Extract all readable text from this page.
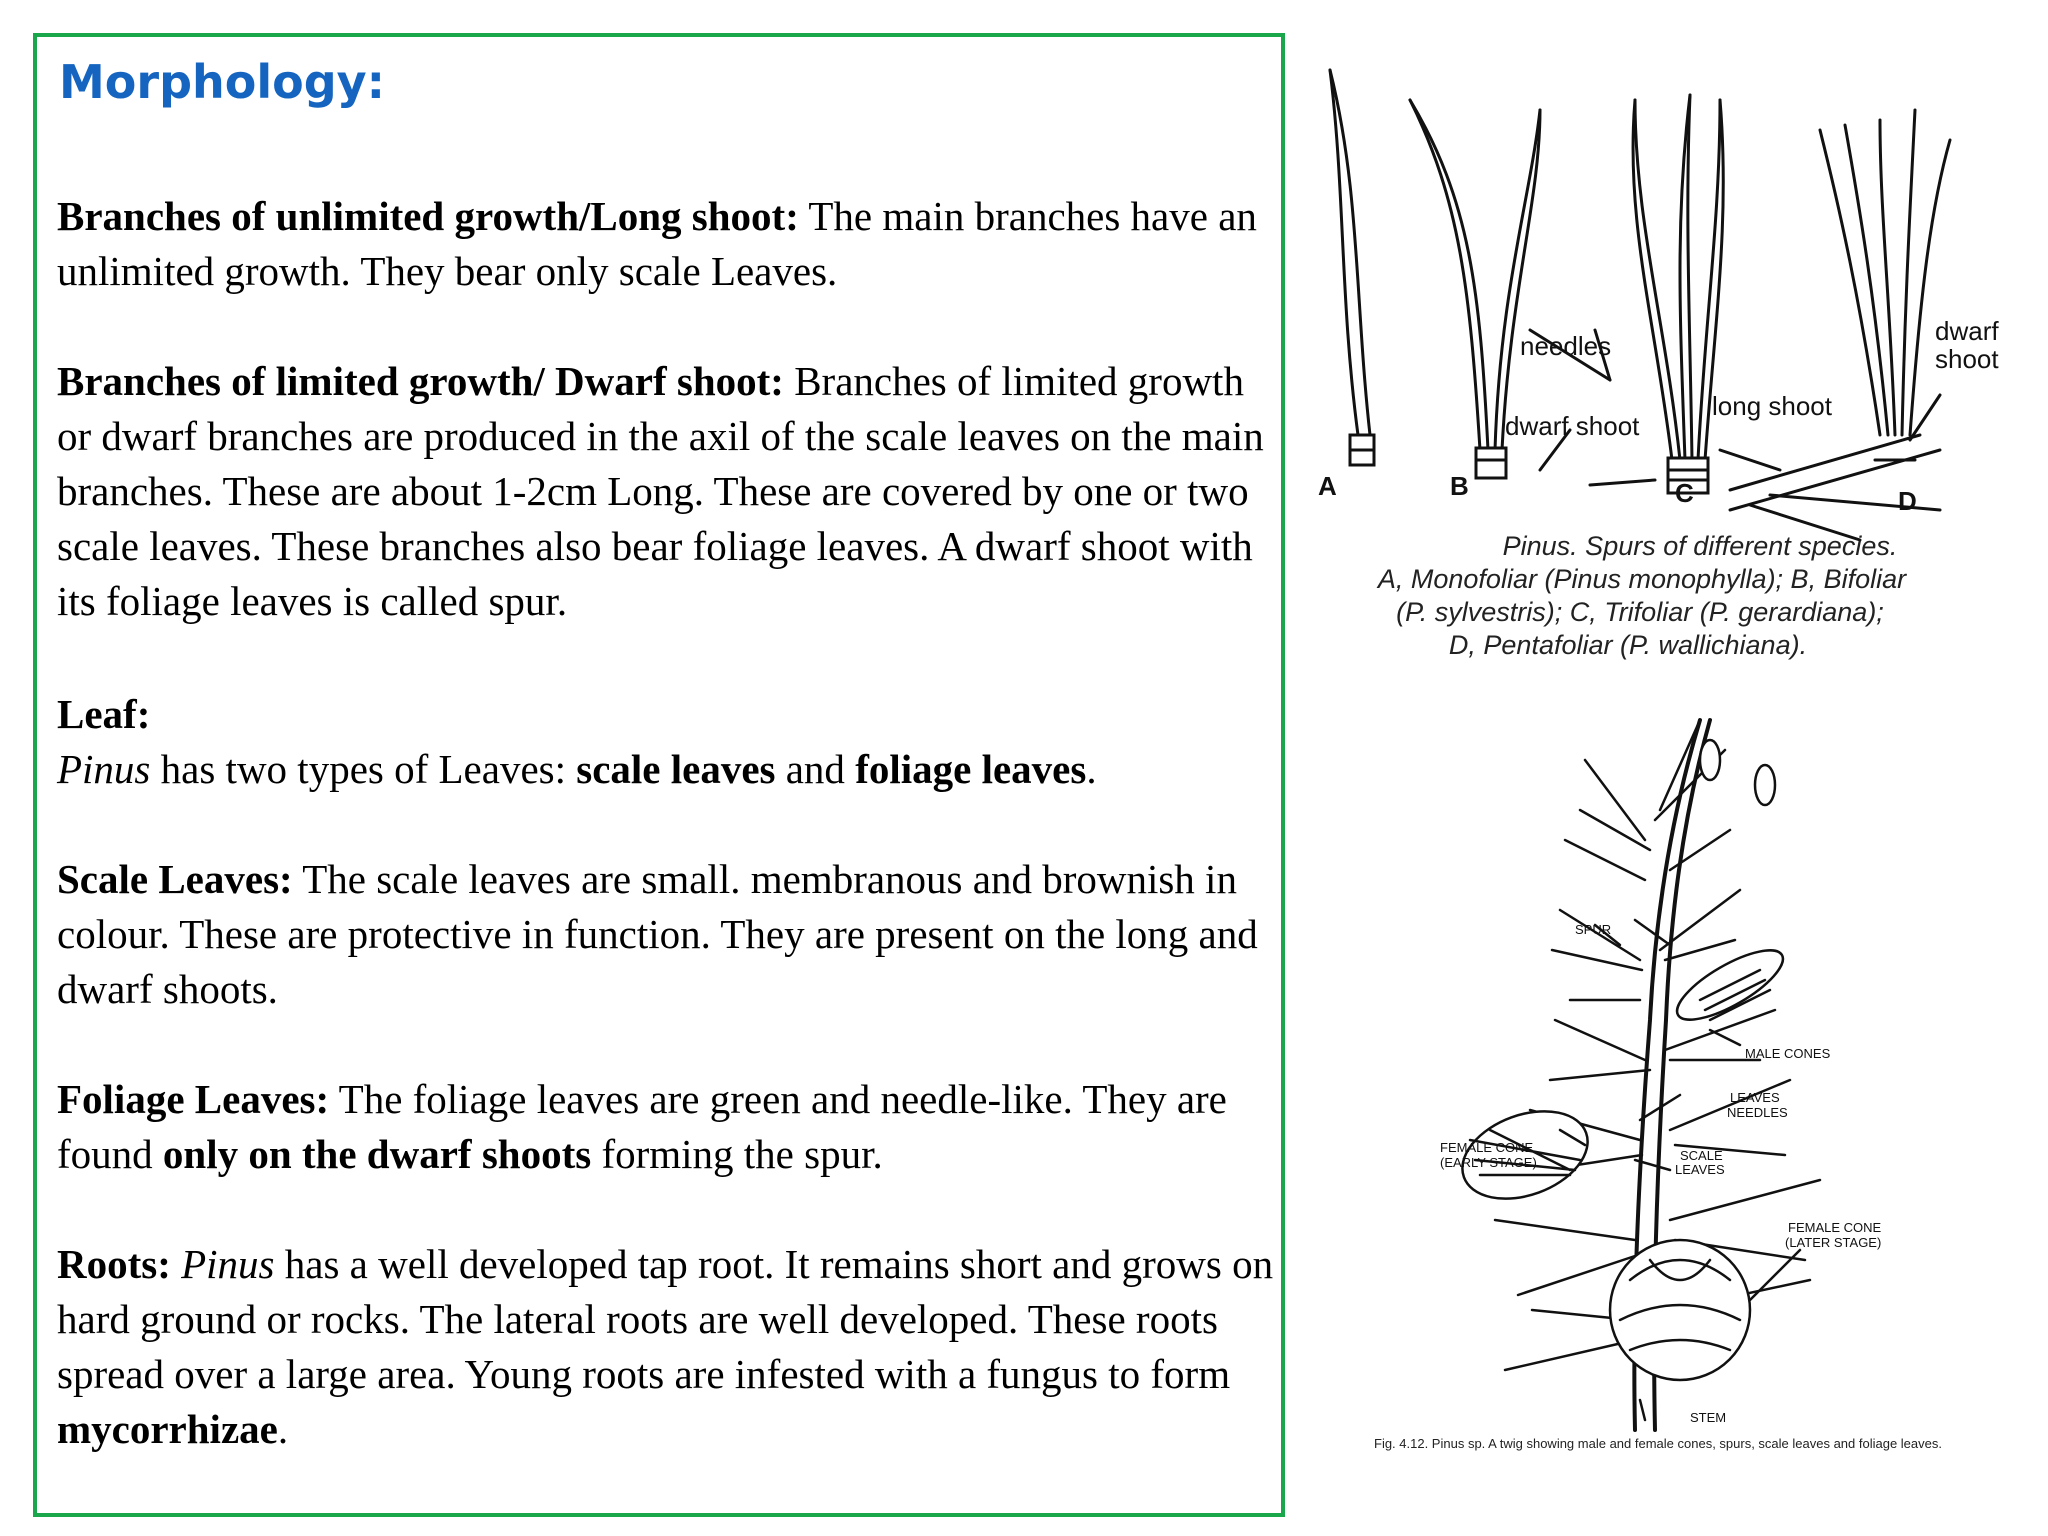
Morphology:

Branches of unlimited growth/Long shoot: The main branches have an unlimited growth. They bear only scale Leaves.

Branches of limited growth/ Dwarf shoot: Branches of limited growth or dwarf branches are produced in the axil of the scale leaves on the main branches. These are about 1-2cm Long. These are covered by one or two scale leaves. These branches also bear foliage leaves. A dwarf shoot with its foliage leaves is called spur.

Leaf:

Pinus has two types of Leaves: scale leaves and foliage leaves.

Scale Leaves: The scale leaves are small. membranous and brownish in colour. These are protective in function. They are present on the long and dwarf shoots.

Foliage Leaves: The foliage leaves are green and needle-like. They are found only on the dwarf shoots forming the spur.

Roots: Pinus has a well developed tap root. It remains short and grows on hard ground or rocks. The lateral roots are well developed. These roots spread over a large area. Young roots are infested with a fungus to form mycorrhizae.

needles
dwarf shoot
long shoot
dwarf
shoot
A	B	C	D
Pinus. Spurs of different species.
A, Monofoliar (Pinus monophylla); B, Bifoliar
(P. sylvestris); C, Trifoliar (P. gerardiana);
D, Pentafoliar (P. wallichiana).
SPUR
MALE CONES
LEAVES
NEEDLES
FEMALE CONE
(EARLY STAGE)	SCALE
LEAVES
FEMALE CONE
(LATER STAGE)
STEM
Fig. 4.12. Pinus sp. A twig showing male and female cones, spurs, scale leaves and foliage leaves.
